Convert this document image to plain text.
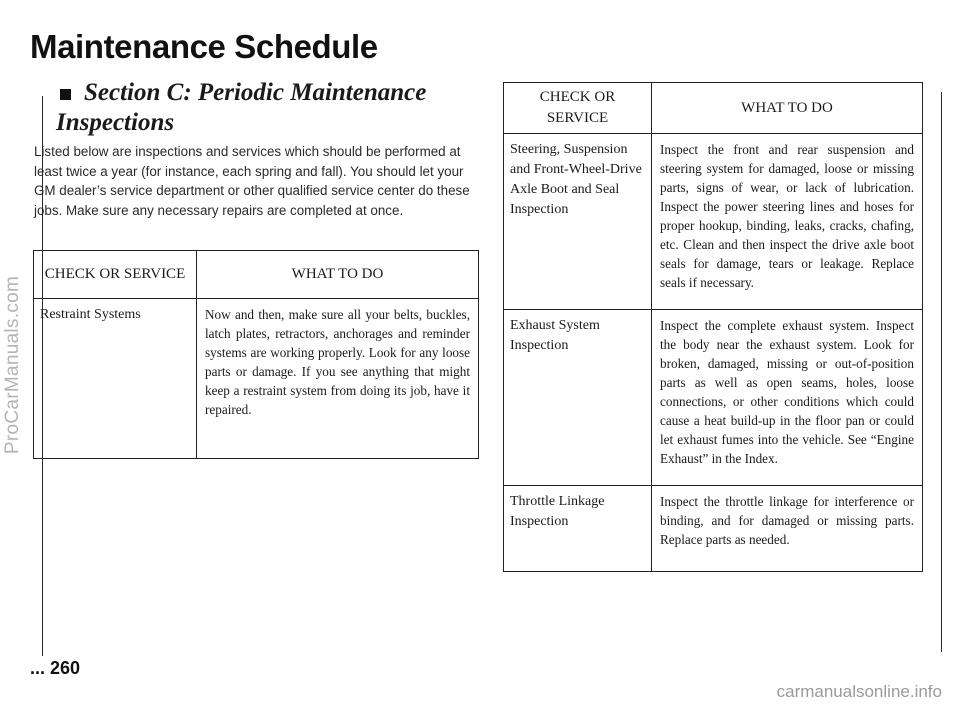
ProCarManuals.com
Maintenance Schedule
Section C: Periodic Maintenance Inspections

Listed below are inspections and services which should be performed at least twice a year (for instance, each spring and fall). You should let your GM dealer’s service department or other qualified service center do these jobs. Make sure any necessary repairs are completed at once.

CHECK OR SERVICE	WHAT TO DO
Restraint Systems	Now and then, make sure all your belts, buckles, latch plates, retractors, anchorages and reminder systems are working properly. Look for any loose parts or damage. If you see anything that might keep a restraint system from doing its job, have it repaired.
CHECK OR SERVICE	WHAT TO DO
Steering, Suspension and Front-Wheel-Drive Axle Boot and Seal Inspection	Inspect the front and rear suspension and steering system for damaged, loose or missing parts, signs of wear, or lack of lubrication. Inspect the power steering lines and hoses for proper hookup, binding, leaks, cracks, chafing, etc. Clean and then inspect the drive axle boot seals for damage, tears or leakage. Replace seals if necessary.
Exhaust System Inspection	Inspect the complete exhaust system. Inspect the body near the exhaust system. Look for broken, damaged, missing or out-of-position parts as well as open seams, holes, loose connections, or other conditions which could cause a heat build-up in the floor pan or could let exhaust fumes into the vehicle. See “Engine Exhaust” in the Index.
Throttle Linkage Inspection	Inspect the throttle linkage for interference or binding, and for damaged or missing parts. Replace parts as needed.
... 260
carmanualsonline.info
